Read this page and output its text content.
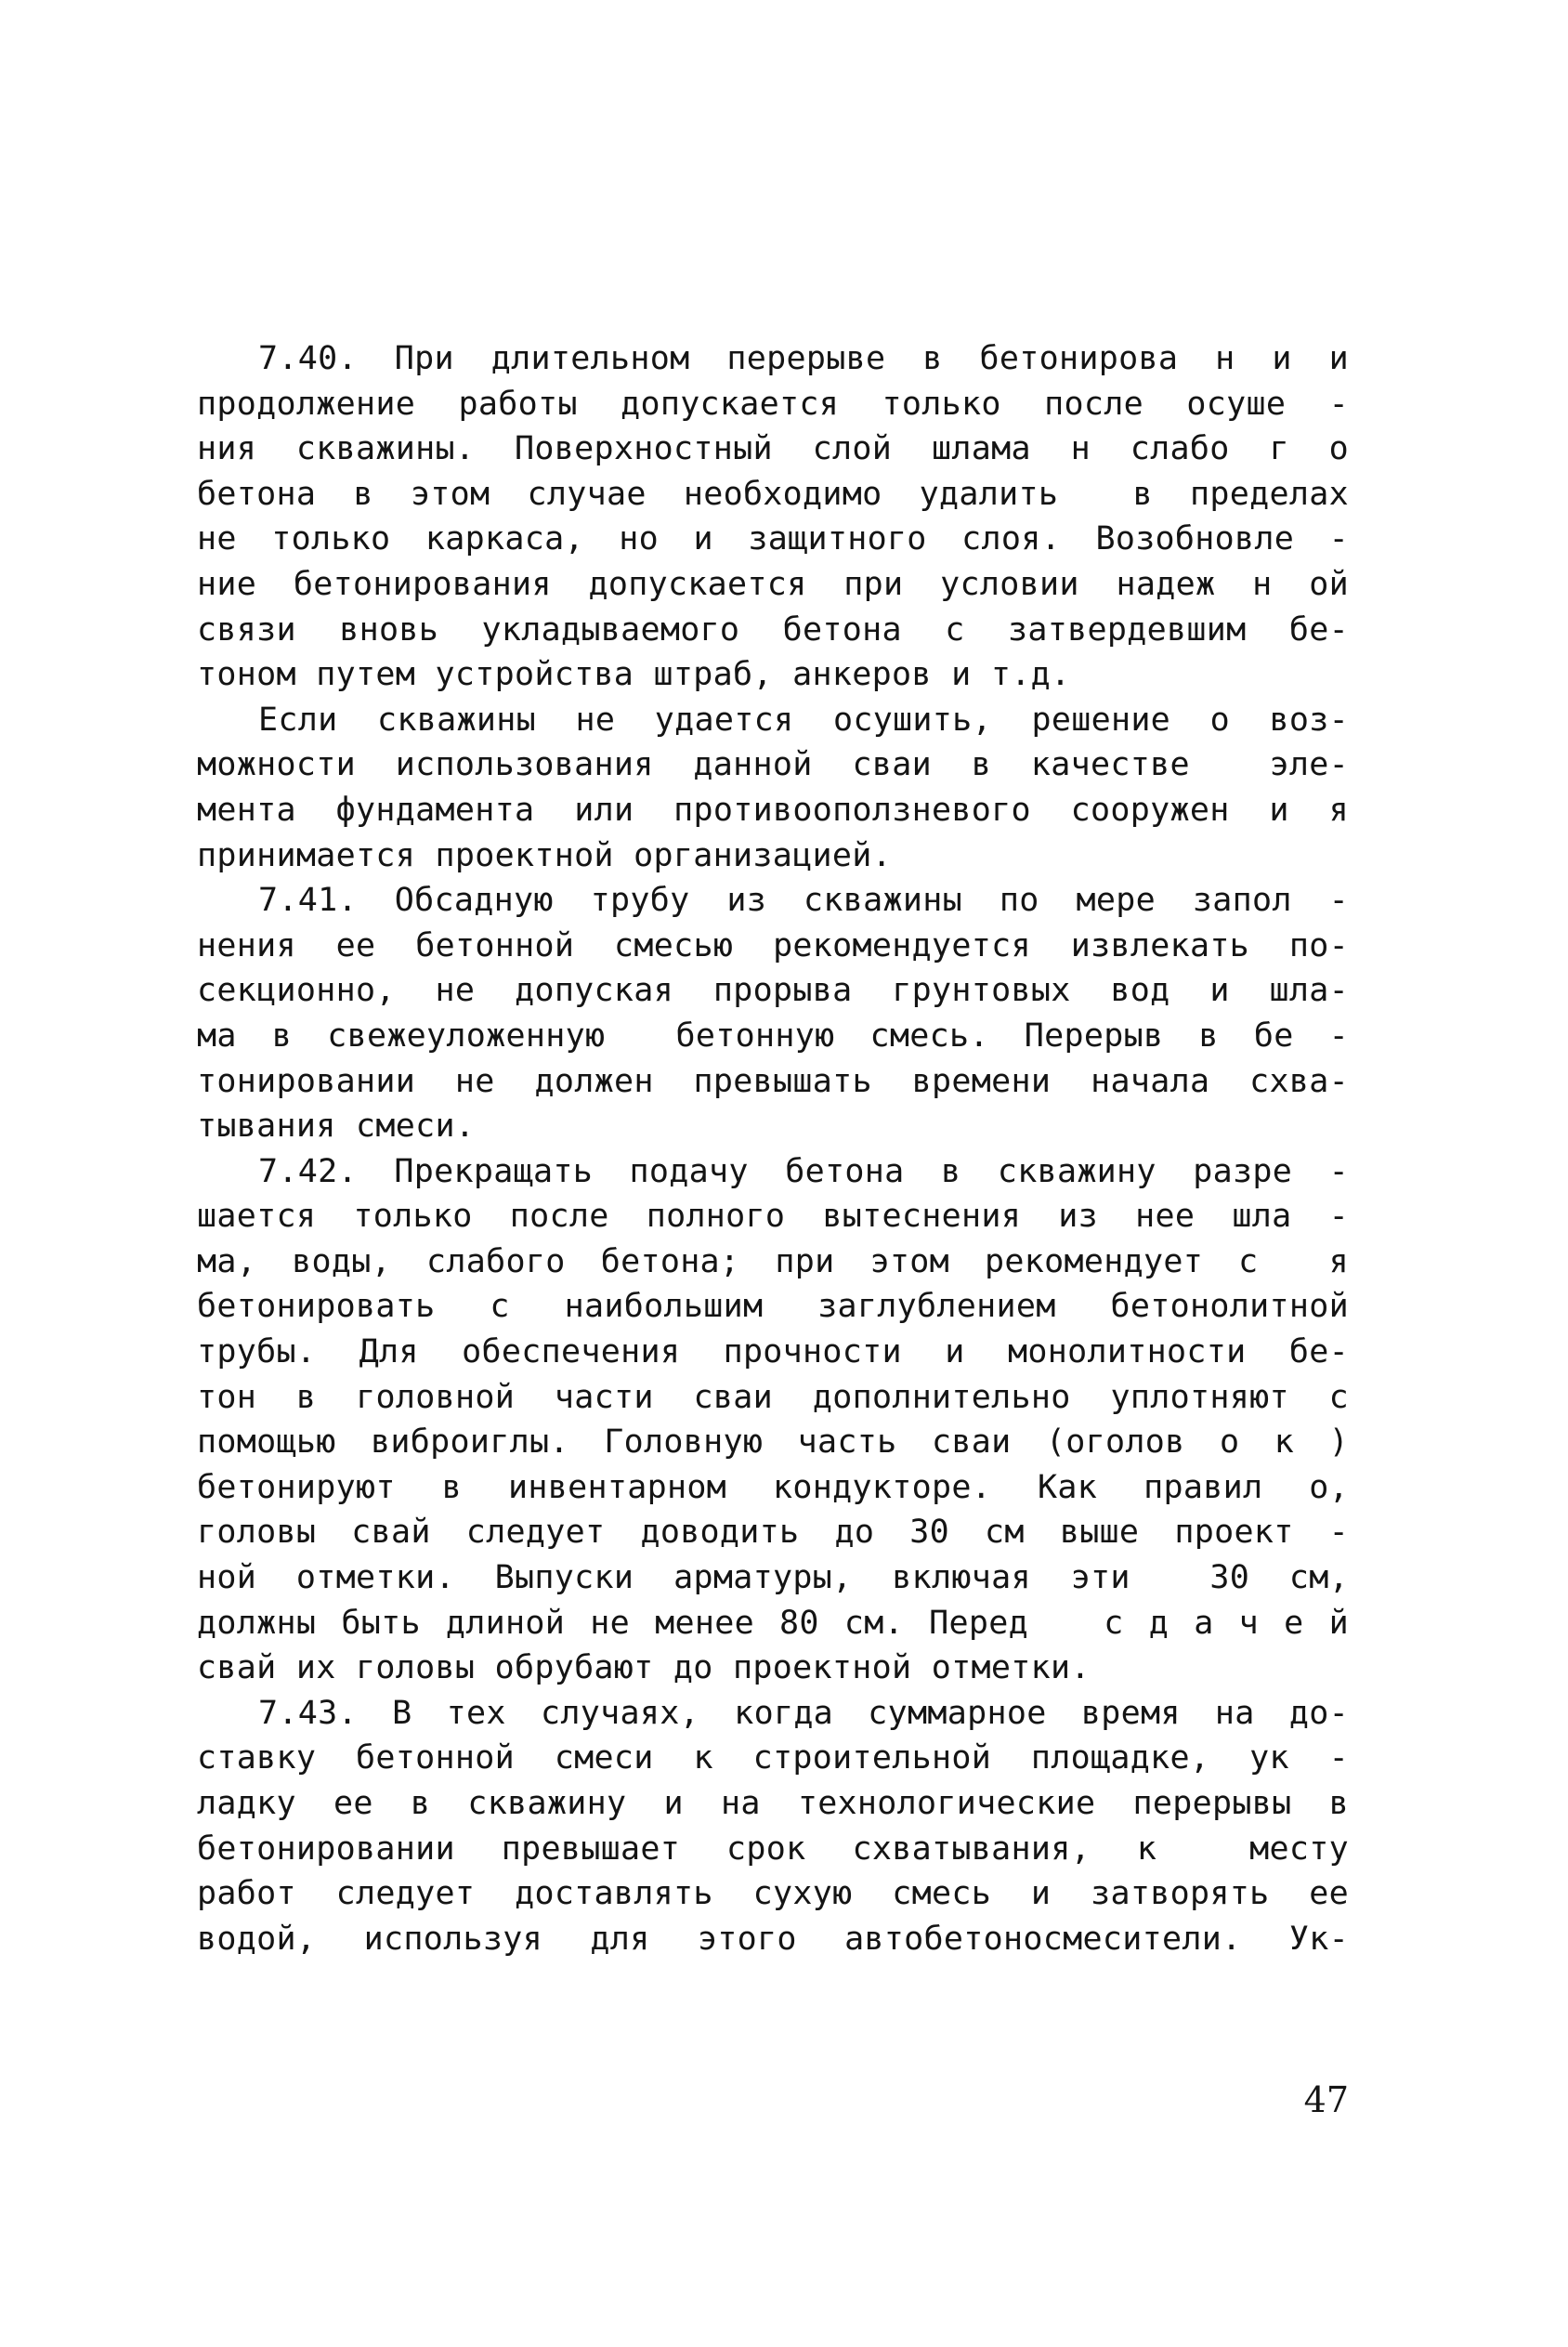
7.40. При длительном перерыве в бетонирова н и и
продолжение работы допускается только после осуше -
ния скважины. Поверхностный слой шлама н слабо г о
бетона в этом случае необходимо удалить  в пределах
не только каркаса, но и защитного слоя. Возобновле -
ние бетонирования допускается при условии надеж н ой
связи вновь укладываемого бетона с затвердевшим бе-
тоном путем устройства штраб, анкеров и т.д.
Если скважины не удается осушить, решение о воз-
можности использования данной сваи в качестве  эле-
мента фундамента или противооползневого сооружен и я
принимается проектной организацией.
7.41. Обсадную трубу из скважины по мере запол -
нения ее бетонной смесью рекомендуется извлекать по-
секционно, не допуская прорыва грунтовых вод и шла-
ма в свежеуложенную  бетонную смесь. Перерыв в бе -
тонировании не должен превышать времени начала схва-
тывания смеси.
7.42. Прекращать подачу бетона в скважину разре -
шается только после полного вытеснения из нее шла -
ма, воды, слабого бетона; при этом рекомендует с  я
бетонировать с наибольшим заглублением бетонолитной
трубы. Для обеспечения прочности и монолитности бе-
тон в головной части сваи дополнительно уплотняют с
помощью виброиглы. Головную часть сваи (оголов о к )
бетонируют в инвентарном кондукторе. Как правил о,
головы свай следует доводить до 30 см выше проект -
ной отметки. Выпуски арматуры, включая эти  30 см,
должны быть длиной не менее 80 см. Перед   с д а ч е й
свай их головы обрубают до проектной отметки.
7.43. В тех случаях, когда суммарное время на до-
ставку бетонной смеси к строительной площадке, ук -
ладку ее в скважину и на технологические перерывы в
бетонировании превышает срок схватывания, к  месту
работ следует доставлять сухую смесь и затворять ее
водой, используя для этого автобетоносмесители. Ук-
47
